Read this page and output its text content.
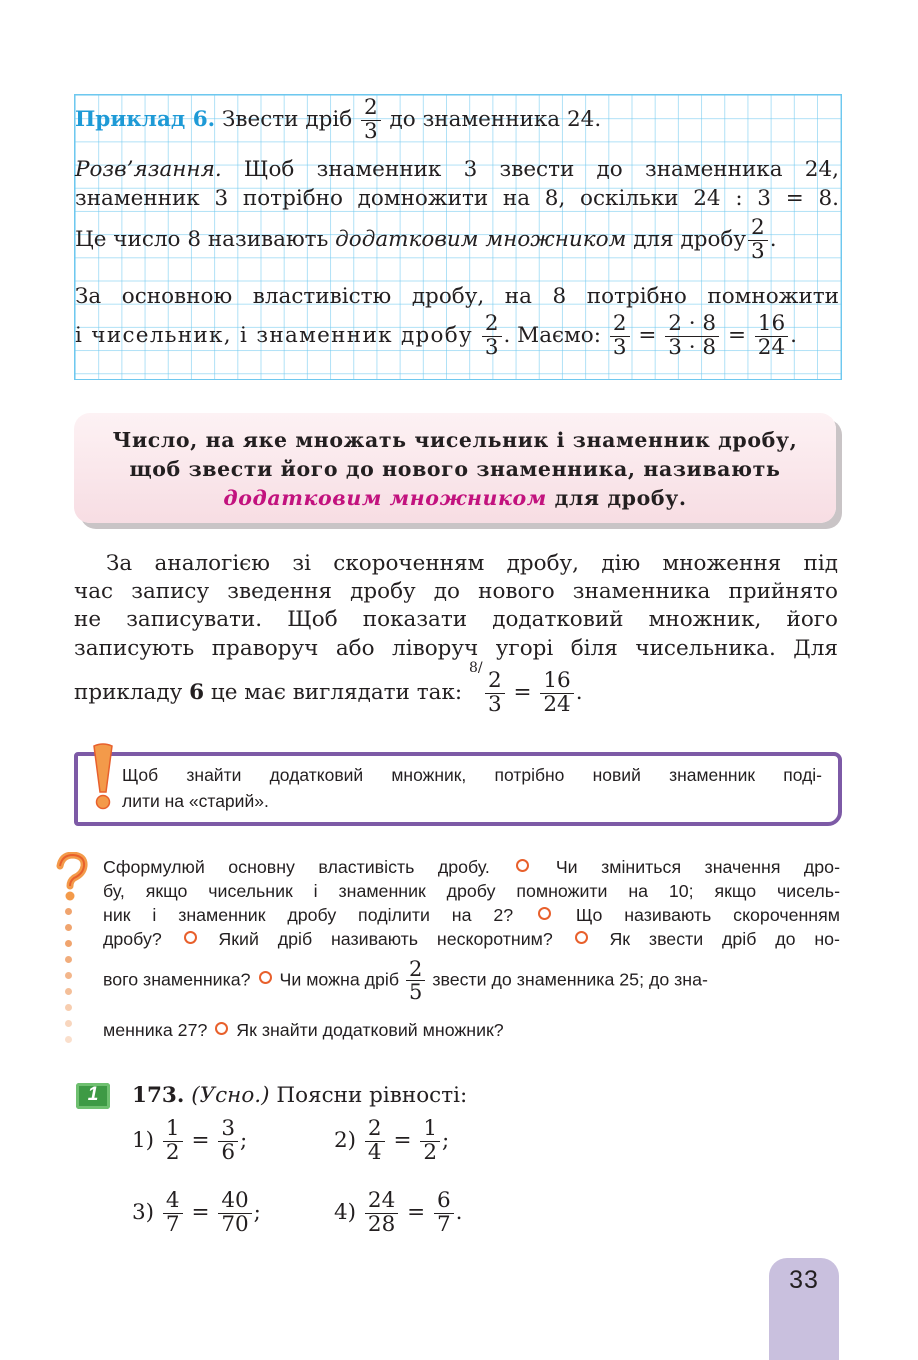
Приклад 6. Звести дріб $\frac{2}{3}$ до знаменника 24.
Розв’язання. Щоб знаменник 3 звести до знаменника 24,
знаменник 3 потрібно домножити на 8, оскільки 24 : 3 = 8.
Це число 8 називають додатковим множником для дробу $\frac{2}{3}$ .
За основною властивістю дробу, на 8 потрібно помножити
і чисельник, і знаменник дробу $\frac{2}{3}$ . Маємо: $\frac{2}{3} = \frac{2 \cdot 8}{3 \cdot 8} = \frac{16}{24}$ .
Число, на яке множать чисельник і знаменник дробу,
щоб звести його до нового знаменника, називають
додатковим множником для дробу.
За аналогією зі скороченням дробу, дію множення під
час запису зведення дробу до нового знаменника прийнято
не записувати. Щоб показати додатковий множник, його
записують праворуч або ліворуч угорі біля чисельника. Для
прикладу 6 це має виглядати так:
8/
$\frac{2}{3} = \frac{16}{24}$ .
Щоб знайти додатковий множник, потрібно новий знаменник поді-
лити на «старий».
Сформулюй основну властивість дробу.	Чи зміниться значення дро-
бу, якщо чисельник і знаменник дробу помножити на 10; якщо чисель-
ник і знаменник дробу поділити на 2?	Що називають скороченням
дробу?	Який дріб називають нескоротним?	Як звести дріб до но-
вого знаменника? Чи можна дріб $\frac{2}{5}$ звести до знаменника 25; до зна-
менника 27? Як знайти додатковий множник?
1	173. (Усно.) Поясни рівності:
$1) \frac{1}{2} = \frac{3}{6}$ ;	$2) \frac{2}{4} = \frac{1}{2}$ ;
$3) \frac{4}{7} = \frac{40}{70}$ ;	$4) \frac{24}{28} = \frac{6}{7}$ .
33
